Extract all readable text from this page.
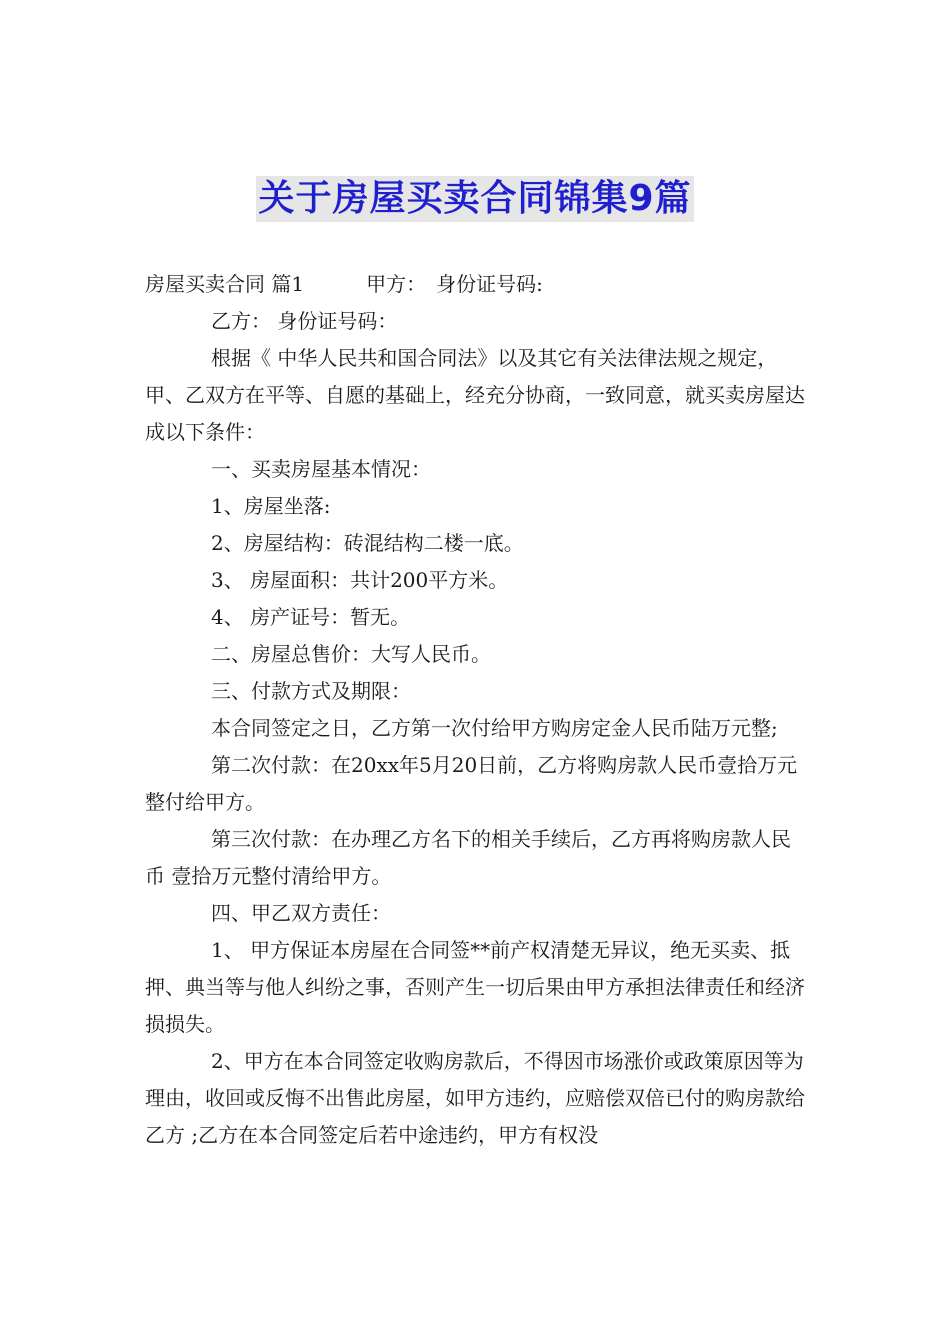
关于房屋买卖合同锦集9篇

房屋买卖合同 篇1	甲方： 身份证号码:

乙方： 身份证号码：

根据《 中华人民共和国合同法》以及其它有关法律法规之规定，甲、乙双方在平等、自愿的基础上，经充分协商，一致同意，就买卖房屋达成以下条件：

一、买卖房屋基本情况：

1、房屋坐落:

2、房屋结构：砖混结构二楼一底。

3、 房屋面积：共计200平方米。

4、 房产证号：暂无。

二、房屋总售价：大写人民币。

三、付款方式及期限：

本合同签定之日，乙方第一次付给甲方购房定金人民币陆万元整;

第二次付款：在20xx年5月20日前，乙方将购房款人民币壹拾万元整付给甲方。

第三次付款：在办理乙方名下的相关手续后，乙方再将购房款人民币 壹拾万元整付清给甲方。

四、甲乙双方责任：

1、 甲方保证本房屋在合同签**前产权清楚无异议，绝无买卖、抵押、典当等与他人纠纷之事，否则产生一切后果由甲方承担法律责任和经济损损失。

2、甲方在本合同签定收购房款后，不得因市场涨价或政策原因等为理由，收回或反悔不出售此房屋，如甲方违约，应赔偿双倍已付的购房款给乙方 ;乙方在本合同签定后若中途违约，甲方有权没
